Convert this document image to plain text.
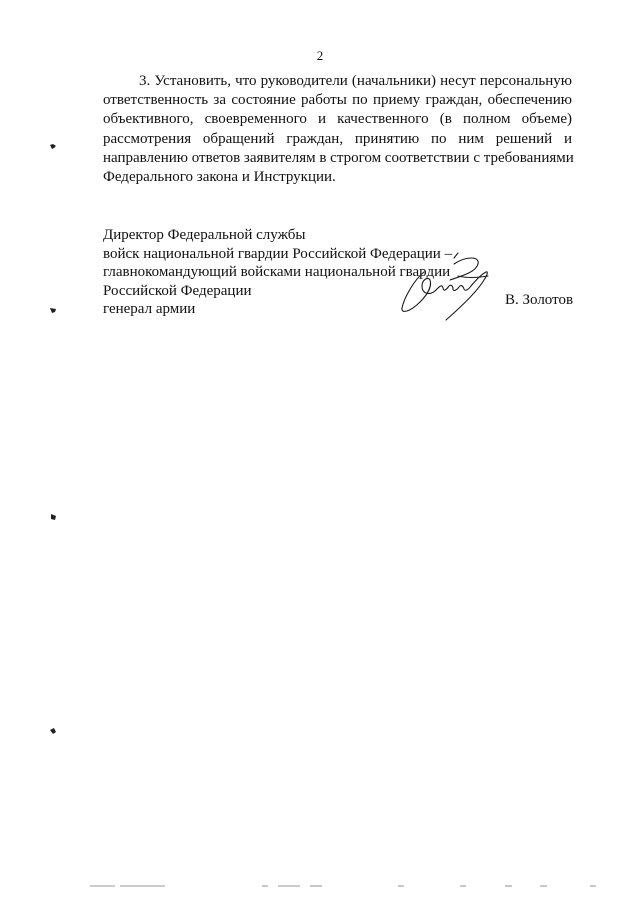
2
3. Установить, что руководители (начальники) несут персональную
ответственность за состояние работы по приему граждан, обеспечению
объективного, своевременного и качественного (в полном объеме)
рассмотрения обращений граждан, принятию по ним решений и
направлению ответов заявителям в строгом соответствии с требованиями
Федерального закона и Инструкции.
Директор Федеральной службы
войск национальной гвардии Российской Федерации –
главнокомандующий войсками национальной гвардии
Российской Федерации
генерал армии
В. Золотов
